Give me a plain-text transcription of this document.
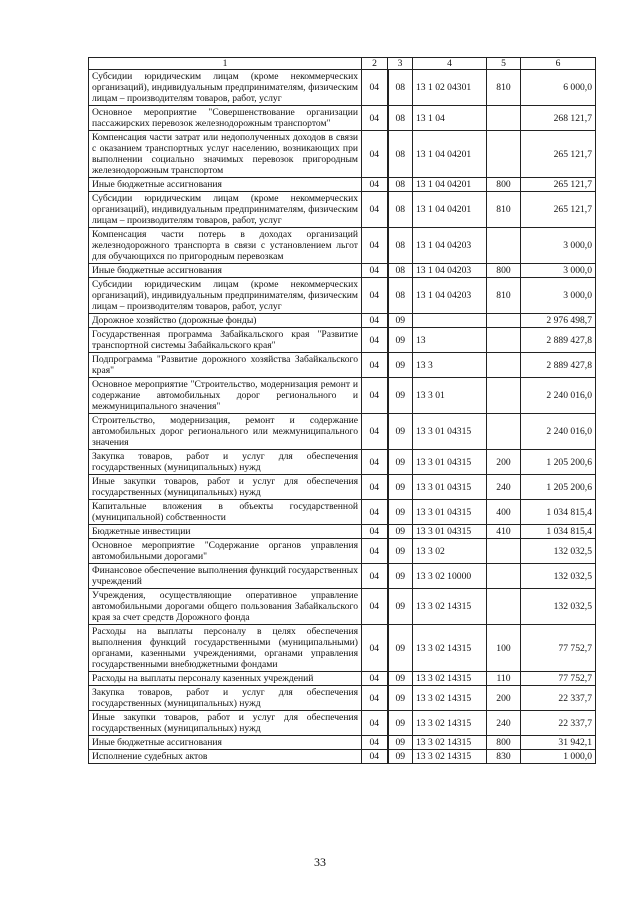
1	2	3	4	5	6
Субсидии юридическим лицам (кроме некоммерческих организаций), индивидуальным предпринимателям, физическим лицам – производителям товаров, работ, услуг	04	08	13 1 02 04301	810	6 000,0
Основное мероприятие "Совершенствование организации пассажирских перевозок железнодорожным транспортом"	04	08	13 1 04		268 121,7
Компенсация части затрат или недополученных доходов в связи с оказанием транспортных услуг населению, возникающих при выполнении социально значимых перевозок пригородным железнодорожным транспортом	04	08	13 1 04 04201		265 121,7
Иные бюджетные ассигнования	04	08	13 1 04 04201	800	265 121,7
Субсидии юридическим лицам (кроме некоммерческих организаций), индивидуальным предпринимателям, физическим лицам – производителям товаров, работ, услуг	04	08	13 1 04 04201	810	265 121,7
Компенсация части потерь в доходах организаций железнодорожного транспорта в связи с установлением льгот для обучающихся по пригородным перевозкам	04	08	13 1 04 04203		3 000,0
Иные бюджетные ассигнования	04	08	13 1 04 04203	800	3 000,0
Субсидии юридическим лицам (кроме некоммерческих организаций), индивидуальным предпринимателям, физическим лицам – производителям товаров, работ, услуг	04	08	13 1 04 04203	810	3 000,0
Дорожное хозяйство (дорожные фонды)	04	09			2 976 498,7
Государственная программа Забайкальского края "Развитие транспортной системы Забайкальского края"	04	09	13		2 889 427,8
Подпрограмма "Развитие дорожного хозяйства Забайкальского края"	04	09	13 3		2 889 427,8
Основное мероприятие "Строительство, модернизация ремонт и содержание автомобильных дорог регионального и межмуниципального значения"	04	09	13 3 01		2 240 016,0
Строительство, модернизация, ремонт и содержание автомобильных дорог регионального или межмуниципального значения	04	09	13 3 01 04315		2 240 016,0
Закупка товаров, работ и услуг для обеспечения государственных (муниципальных) нужд	04	09	13 3 01 04315	200	1 205 200,6
Иные закупки товаров, работ и услуг для обеспечения государственных (муниципальных) нужд	04	09	13 3 01 04315	240	1 205 200,6
Капитальные вложения в объекты государственной (муниципальной) собственности	04	09	13 3 01 04315	400	1 034 815,4
Бюджетные инвестиции	04	09	13 3 01 04315	410	1 034 815,4
Основное мероприятие "Содержание органов управления автомобильными дорогами"	04	09	13 3 02		132 032,5
Финансовое обеспечение выполнения функций государственных учреждений	04	09	13 3 02 10000		132 032,5
Учреждения, осуществляющие оперативное управление автомобильными дорогами общего пользования Забайкальского края за счет средств Дорожного фонда	04	09	13 3 02 14315		132 032,5
Расходы на выплаты персоналу в целях обеспечения выполнения функций государственными (муниципальными) органами, казенными учреждениями, органами управления государственными внебюджетными фондами	04	09	13 3 02 14315	100	77 752,7
Расходы на выплаты персоналу казенных учреждений	04	09	13 3 02 14315	110	77 752,7
Закупка товаров, работ и услуг для обеспечения государственных (муниципальных) нужд	04	09	13 3 02 14315	200	22 337,7
Иные закупки товаров, работ и услуг для обеспечения государственных (муниципальных) нужд	04	09	13 3 02 14315	240	22 337,7
Иные бюджетные ассигнования	04	09	13 3 02 14315	800	31 942,1
Исполнение судебных актов	04	09	13 3 02 14315	830	1 000,0
33
